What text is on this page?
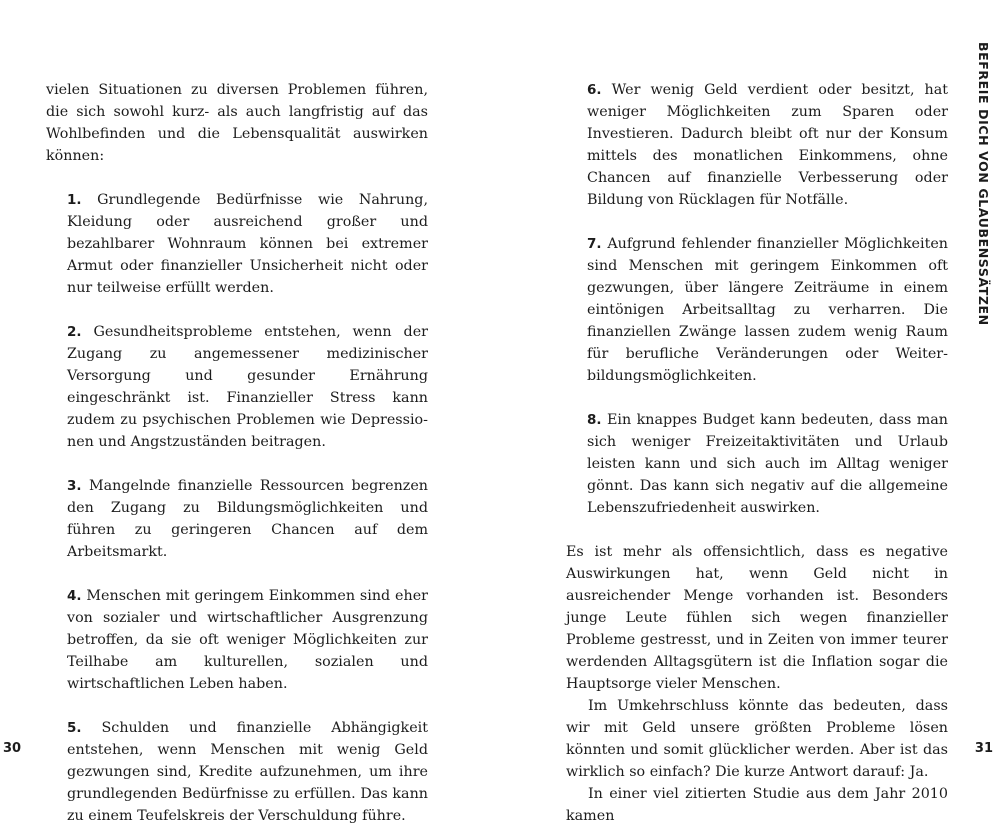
vielen Situationen zu diversen Problemen führen, die sich sowohl kurz- als auch langfristig auf das Wohlbefinden und die Lebensqualität auswirken können:

1. Grundlegende Bedürfnisse wie Nahrung, Kleidung oder ausreichend großer und bezahlbarer Wohnraum können bei extremer Armut oder finanzieller Unsicherheit nicht oder nur teilweise erfüllt werden.

2. Gesundheitsprobleme entstehen, wenn der Zugang zu angemessener medizinischer Versorgung und gesunder Ernährung eingeschränkt ist. Finanzieller Stress kann zudem zu psychischen Problemen wie Depressionen und Angstzuständen beitragen.

3. Mangelnde finanzielle Ressourcen begrenzen den Zugang zu Bildungsmöglichkeiten und führen zu geringeren Chancen auf dem Arbeitsmarkt.

4. Menschen mit geringem Einkommen sind eher von sozialer und wirtschaftlicher Ausgrenzung betroffen, da sie oft weniger Möglichkeiten zur Teilhabe am kulturellen, sozialen und wirtschaftlichen Leben haben.

5. Schulden und finanzielle Abhängigkeit entstehen, wenn Menschen mit wenig Geld gezwungen sind, Kredite aufzunehmen, um ihre grundlegenden Bedürfnisse zu erfüllen. Das kann zu einem Teufelskreis der Verschuldung führe.

30

6. Wer wenig Geld verdient oder besitzt, hat weniger Möglichkeiten zum Sparen oder Investieren. Dadurch bleibt oft nur der Konsum mittels des monatlichen Einkommens, ohne Chancen auf finanzielle Verbesserung oder Bildung von Rücklagen für Notfälle.

7. Aufgrund fehlender finanzieller Möglichkeiten sind Menschen mit geringem Einkommen oft gezwungen, über längere Zeiträume in einem eintönigen Arbeitsalltag zu verharren. Die finanziellen Zwänge lassen zudem wenig Raum für berufliche Veränderungen oder Weiterbildungsmöglichkeiten.

8. Ein knappes Budget kann bedeuten, dass man sich weniger Freizeitaktivitäten und Urlaub leisten kann und sich auch im Alltag weniger gönnt. Das kann sich negativ auf die allgemeine Lebenszufriedenheit auswirken.

Es ist mehr als offensichtlich, dass es negative Auswirkungen hat, wenn Geld nicht in ausreichender Menge vorhanden ist. Besonders junge Leute fühlen sich wegen finanzieller Probleme gestresst, und in Zeiten von immer teurer werdenden Alltagsgütern ist die Inflation sogar die Hauptsorge vieler Menschen.

Im Umkehrschluss könnte das bedeuten, dass wir mit Geld unsere größten Probleme lösen könnten und somit glücklicher werden. Aber ist das wirklich so einfach? Die kurze Antwort darauf: Ja.

In einer viel zitierten Studie aus dem Jahr 2010 kamen

31
BEFREIE DICH VON GLAUBENSSÄTZEN
